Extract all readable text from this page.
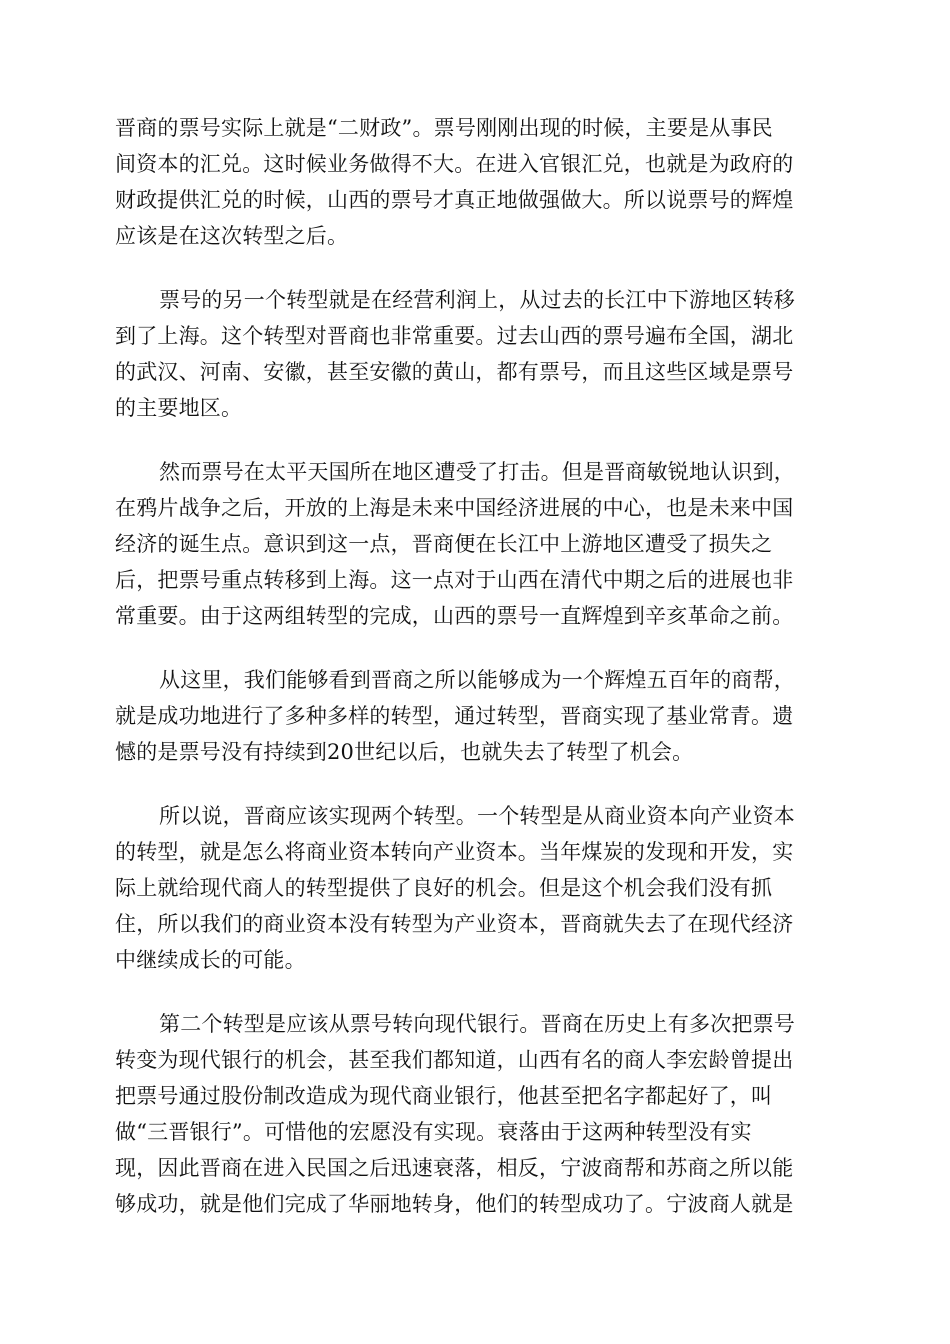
晋商的票号实际上就是“二财政”。票号刚刚出现的时候，主要是从事民
间资本的汇兑。这时候业务做得不大。在进入官银汇兑，也就是为政府的
财政提供汇兑的时候，山西的票号才真正地做强做大。所以说票号的辉煌
应该是在这次转型之后。

票号的另一个转型就是在经营利润上，从过去的长江中下游地区转移
到了上海。这个转型对晋商也非常重要。过去山西的票号遍布全国，湖北
的武汉、河南、安徽，甚至安徽的黄山，都有票号，而且这些区域是票号
的主要地区。

然而票号在太平天国所在地区遭受了打击。但是晋商敏锐地认识到，
在鸦片战争之后，开放的上海是未来中国经济进展的中心，也是未来中国
经济的诞生点。意识到这一点，晋商便在长江中上游地区遭受了损失之
后，把票号重点转移到上海。这一点对于山西在清代中期之后的进展也非
常重要。由于这两组转型的完成，山西的票号一直辉煌到辛亥革命之前。

从这里，我们能够看到晋商之所以能够成为一个辉煌五百年的商帮，
就是成功地进行了多种多样的转型，通过转型，晋商实现了基业常青。遗
憾的是票号没有持续到20世纪以后，也就失去了转型了机会。

所以说，晋商应该实现两个转型。一个转型是从商业资本向产业资本
的转型，就是怎么将商业资本转向产业资本。当年煤炭的发现和开发，实
际上就给现代商人的转型提供了良好的机会。但是这个机会我们没有抓
住，所以我们的商业资本没有转型为产业资本，晋商就失去了在现代经济
中继续成长的可能。

第二个转型是应该从票号转向现代银行。晋商在历史上有多次把票号
转变为现代银行的机会，甚至我们都知道，山西有名的商人李宏龄曾提出
把票号通过股份制改造成为现代商业银行，他甚至把名字都起好了，叫
做“三晋银行”。可惜他的宏愿没有实现。衰落由于这两种转型没有实
现，因此晋商在进入民国之后迅速衰落，相反，宁波商帮和苏商之所以能
够成功，就是他们完成了华丽地转身，他们的转型成功了。宁波商人就是
